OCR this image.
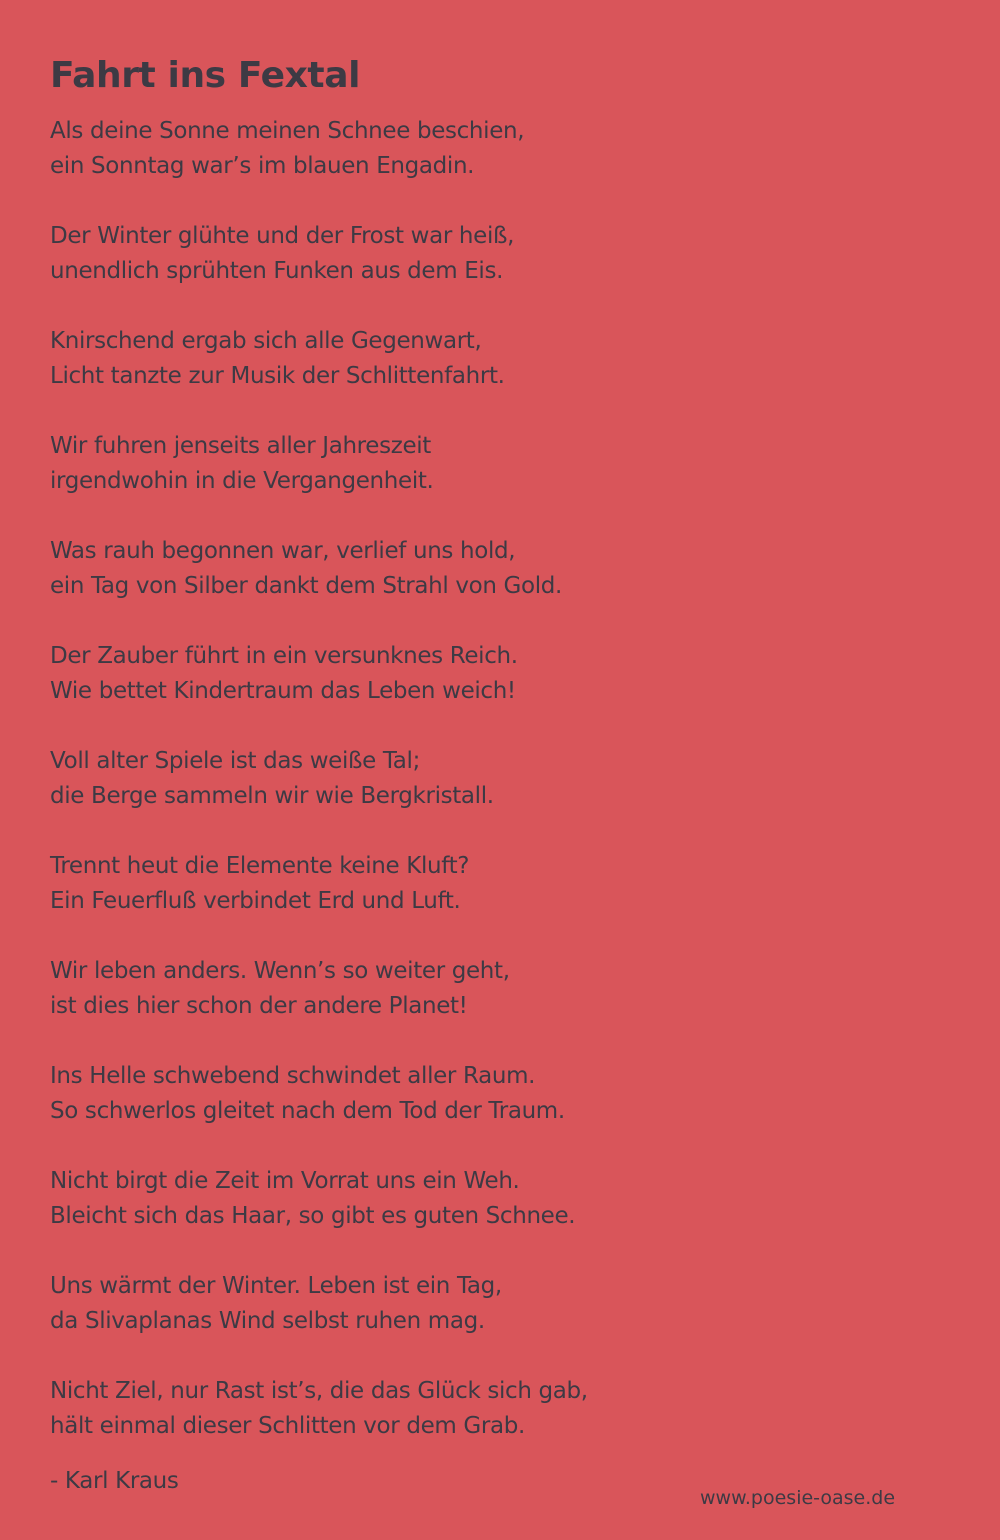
Fahrt ins Fextal
Als deine Sonne meinen Schnee beschien,
ein Sonntag war’s im blauen Engadin.
Der Winter glühte und der Frost war heiß,
unendlich sprühten Funken aus dem Eis.
Knirschend ergab sich alle Gegenwart,
Licht tanzte zur Musik der Schlittenfahrt.
Wir fuhren jenseits aller Jahreszeit
irgendwohin in die Vergangenheit.
Was rauh begonnen war, verlief uns hold,
ein Tag von Silber dankt dem Strahl von Gold.
Der Zauber führt in ein versunknes Reich.
Wie bettet Kindertraum das Leben weich!
Voll alter Spiele ist das weiße Tal;
die Berge sammeln wir wie Bergkristall.
Trennt heut die Elemente keine Kluft?
Ein Feuerfluß verbindet Erd und Luft.
Wir leben anders. Wenn’s so weiter geht,
ist dies hier schon der andere Planet!
Ins Helle schwebend schwindet aller Raum.
So schwerlos gleitet nach dem Tod der Traum.
Nicht birgt die Zeit im Vorrat uns ein Weh.
Bleicht sich das Haar, so gibt es guten Schnee.
Uns wärmt der Winter. Leben ist ein Tag,
da Slivaplanas Wind selbst ruhen mag.
Nicht Ziel, nur Rast ist’s, die das Glück sich gab,
hält einmal dieser Schlitten vor dem Grab.
- Karl Kraus
www.poesie-oase.de
